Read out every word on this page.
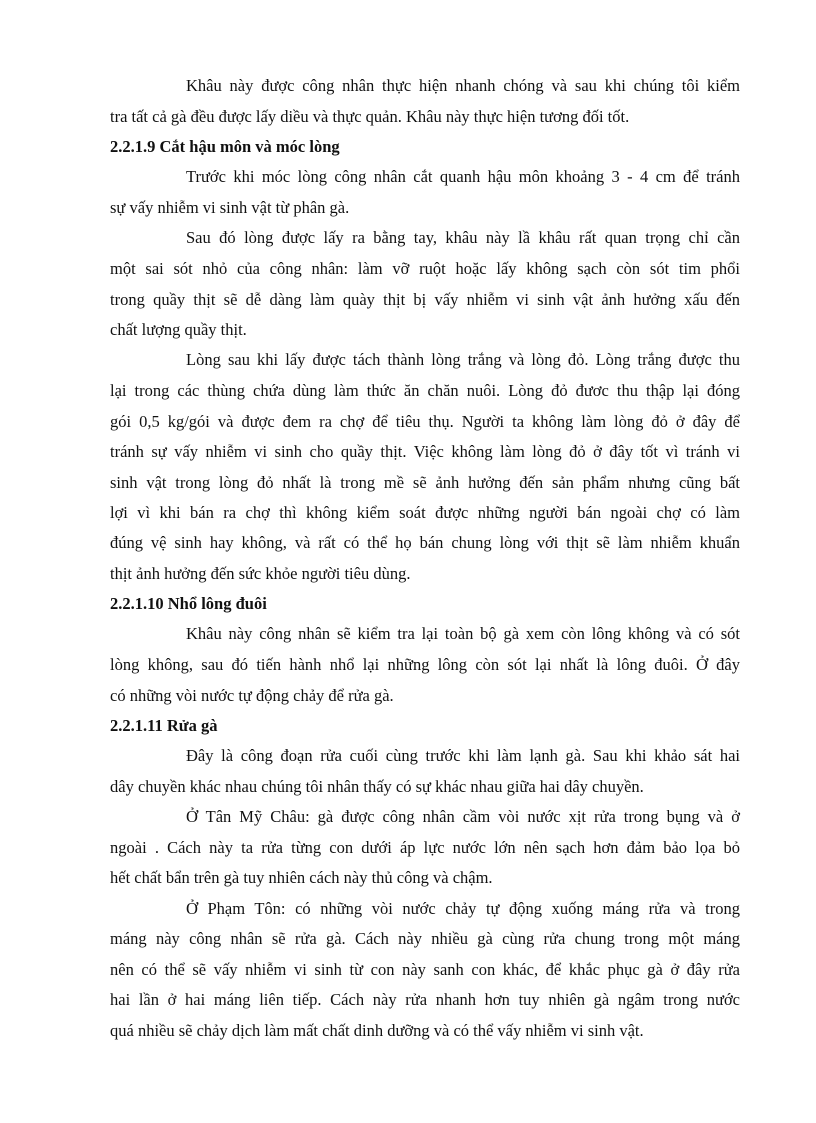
Khâu này được công nhân thực hiện nhanh chóng và sau khi chúng tôi kiểm
tra tất cả gà đều được lấy diều và thực quản. Khâu này thực hiện tương đối tốt.
2.2.1.9 Cắt hậu môn và móc lòng
Trước khi móc lòng công nhân cắt quanh hậu môn khoảng 3 - 4 cm để tránh
sự vấy nhiễm vi sinh vật từ phân gà.
Sau đó lòng được lấy ra bằng tay, khâu này lầ khâu rất quan trọng chỉ cần
một sai sót nhỏ của công nhân: làm vỡ ruột hoặc lấy không sạch còn sót tim phổi
trong quầy thịt sẽ dễ dàng làm quày thịt bị vấy nhiễm vi sinh vật ảnh hưởng xấu đến
chất lượng quầy thịt.
Lòng sau khi lấy được tách thành lòng trắng và lòng đỏ. Lòng trắng được thu
lại trong các thùng chứa dùng làm thức ăn chăn nuôi. Lòng đỏ đươc thu thập lại đóng
gói 0,5 kg/gói và được đem ra chợ để tiêu thụ. Người ta không làm lòng đỏ ở đây để
tránh sự vấy nhiễm vi sinh cho quầy thịt. Việc không làm lòng đỏ ở đây tốt vì tránh vi
sinh vật trong lòng đỏ nhất là trong mề sẽ ảnh hưởng đến sản phẩm nhưng cũng bất
lợi vì khi bán ra chợ thì không kiểm soát được những người bán ngoài chợ có làm
đúng vệ sinh hay không, và rất có thể họ bán chung lòng với thịt sẽ làm nhiễm khuẩn
thịt ảnh hưởng đến sức khỏe người tiêu dùng.
2.2.1.10 Nhổ lông đuôi
Khâu này công nhân sẽ kiểm tra lại toàn bộ gà xem còn lông không và có sót
lòng không, sau đó tiến hành nhổ lại những lông còn sót lại nhất là lông đuôi. Ở đây
có những vòi nước tự động chảy để rửa gà.
2.2.1.11 Rửa gà
Đây là công đoạn rửa cuối cùng trước khi làm lạnh gà. Sau khi khảo sát hai
dây chuyền khác nhau chúng tôi nhân thấy có sự khác nhau giữa hai dây chuyền.
Ở Tân Mỹ Châu: gà được công nhân cầm vòi nước xịt rửa trong bụng và ở
ngoài . Cách này ta rửa từng con dưới áp lực nước lớn nên sạch hơn đảm bảo lọa bỏ
hết chất bẩn trên gà tuy nhiên cách này thủ công và chậm.
Ở Phạm Tôn: có những vòi nước chảy tự động xuống máng rửa và trong
máng này công nhân sẽ rửa gà. Cách này nhiều gà cùng rửa chung trong một máng
nên có thể sẽ vấy nhiễm vi sinh từ con này sanh con khác, để khắc phục gà ở đây rửa
hai lần ở hai máng liên tiếp. Cách này rửa nhanh hơn tuy nhiên gà ngâm trong nước
quá nhiều sẽ chảy dịch làm mất chất dinh dưỡng và có thể vấy nhiễm vi sinh vật.
